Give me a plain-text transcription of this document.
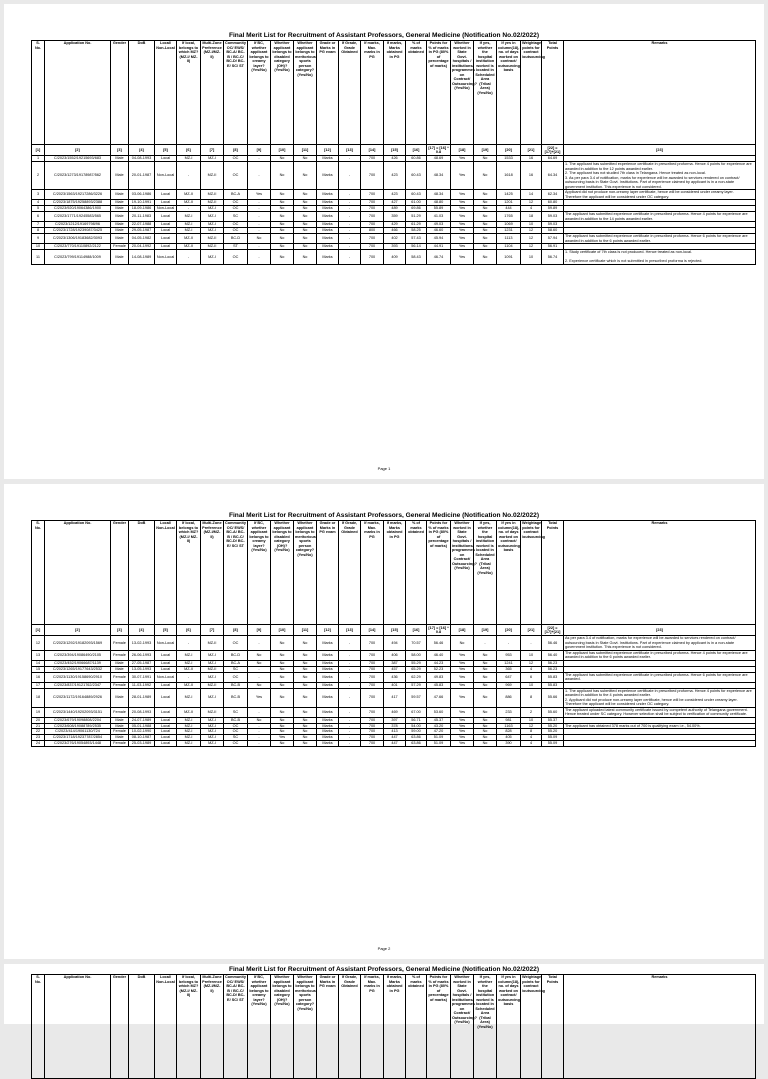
Final Merit List for Recruitment of Assistant Professors, General Medicine (Notification No.02/2022)
S. No.	Application No.	Gender	DoB	Local/ Non-Local	If local, belongs to which MZ? (MZ-I/ MZ-II)	Multi-Zone Preference (MZ-I/MZ-II)	Community OC/ EWS/ BC-A/ BC-B / BC-C/ BC-D/ BC-E/ SC/ ST	If BC, whether applicant belongs to creamy layer? (Yes/No)	Whether applicant belongs to disabled category (OH)? (Yes/No)	Whether applicant belongs to meritorious sports person category? (Yes/No)	Grade or Marks in PG exam	If Grade, Grade Obtained	If marks, Max. marks in PG	If marks, Marks obtained in PG	% of marks obtained	Points for % of marks in PG (80% of percentage of marks)	Whether worked in State Govt. hospitals / institutions/ programmes on Contract/ Outsourcing? (Yes/No)	If yes, whether the hospital institution worked is located in Scheduled Area (Tribal Area) (Yes/No)	If yes in column(18), no. of days worked on contract/ outsourcing basis	Weightage points for contract /outsourcing	Total Points	Remarks
[1]	[2]	[3]	[4]	[5]	[6]	[7]	[8]	[9]	[10]	[11]	[12]	[13]	[14]	[15]	[16]	[17] = [16] * 0.8	[18]	[19]	[20]	[21]	[22] = [17]+[21]	[23]
1	C/2023/1552/19215693/683	Male	04-08-1993	Local	MZ-I	MZ-I	OC	-	No	No	Marks	-	700	426	60.86	48.69	Yes	No	1533	16	64.69	
2	C/2023/1273/19178987/562	Male	20-01-1987	Non-Local	-	MZ-II	OC	-	No	No	Marks	-	700	423	60.43	48.34	Yes	No	1618	16	64.34	1. The applicant has submitted experience certificate in prescribed proforma. Hence 4 points for experience are awarded in addition to the 12 points awarded earlier.
2. The applicant has not studied 7th class in Telangana. Hence treated as non-local.
3. As per para 3.4 of notification, marks for experience will be awarded to services rendered on contract/ outsourcing basis in State Govt. Institutions. Part of experience claimed by applicant is in a non-state government institution. This experience is not considered.
3	C/2023/1563/19217286/3226	Male	03-06-1986	Local	MZ-II	MZ-II	BC-A	Yes	No	No	Marks	-	700	423	60.43	48.34	Yes	No	1425	14	62.34	Applicant did not produce non-creamy layer certificate, hence will be considered under creamy layer.
Therefore the applicant will be considered under OC category.
4	C/2023/1875/19258893/2388	Male	19-10-1991	Local	MZ-II	MZ-II	OC	-	No	No	Marks	-	700	427	61.00	48.80	Yes	No	1201	12	60.80	
5	C/2023/920/19064386/1900	Male	18-09-1986	Non-Local	-	MZ-I	OC	-	No	No	Marks	-	700	489	69.86	55.89	Yes	No	444	4	59.89	
6	C/2023/1771/19245583/565	Male	20-11-1983	Local	MZ-I	MZ-I	SC	-	No	No	Marks	-	700	359	51.29	41.03	Yes	No	1765	18	59.03	The applicant has submitted experience certificate in prescribed proforma. Hence 4 points for experience are awarded in addition to the 14 points awarded earlier.
7	C/2023/1212/19169798/96	Male	22-07-1988	Local	MZ-I	MZ-I	OC	-	No	No	Marks	-	700	429	61.29	49.03	Yes	No	1069	10	59.03	
8	C/2023/1728/19239087/3425	Male	29-05-1987	Local	MZ-I	MZ-I	OC	-	No	No	Marks	-	800	466	58.25	46.60	Yes	No	1231	12	58.60	
9	C/2023/1306/19183682/3093	Male	04-05-1982	Local	MZ-II	MZ-II	BC-D	No	No	No	Marks	-	700	402	57.43	45.94	Yes	No	1113	12	57.94	The applicant has submitted experience certificate in prescribed proforma. Hence 6 points for experience are awarded in addition to the 6 points awarded earlier.
10	C/2023/770/19110892/2122	Female	20-04-1992	Local	MZ-II	MZ-II	ST	-	No	No	Marks	-	700	393	56.14	44.91	Yes	No	1104	12	56.91	
11	C/2023/799/19114988/1009	Male	14-08-1989	Non-Local	-	MZ-I	OC	-	No	No	Marks	-	700	409	58.43	46.74	Yes	No	1091	10	56.74	1. Study certificate of 7th class is not produced. Hence treated as non-local.

2. Experience certificate which is not submitted in prescribed proforma is rejected.
Page 1
Final Merit List for Recruitment of Assistant Professors, General Medicine (Notification No.02/2022)
S. No.	Application No.	Gender	DoB	Local/ Non-Local	If local, belongs to which MZ? (MZ-I/ MZ-II)	Multi-Zone Preference (MZ-I/MZ-II)	Community OC/ EWS/ BC-A/ BC-B / BC-C/ BC-D/ BC-E/ SC/ ST	If BC, whether applicant belongs to creamy layer? (Yes/No)	Whether applicant belongs to disabled category (OH)? (Yes/No)	Whether applicant belongs to meritorious sports person category? (Yes/No)	Grade or Marks in PG exam	If Grade, Grade Obtained	If marks, Max. marks in PG	If marks, Marks obtained in PG	% of marks obtained	Points for % of marks in PG (80% of percentage of marks)	Whether worked in State Govt. hospitals / institutions/ programmes on Contract/ Outsourcing? (Yes/No)	If yes, whether the hospital institution worked is located in Scheduled Area (Tribal Area) (Yes/No)	If yes in column(18), no. of days worked on contract/ outsourcing basis	Weightage points for contract /outsourcing	Total Points	Remarks
[1]	[2]	[3]	[4]	[5]	[6]	[7]	[8]	[9]	[10]	[11]	[12]	[13]	[14]	[15]	[16]	[17] = [16] * 0.8	[18]	[19]	[20]	[21]	[22] = [17]+[21]	[23]
12	C/2023/1292/19182093/1569	Female	13-02-1993	Non-Local	-	MZ-II	OC	-	No	No	Marks	-	700	494	70.57	56.46	No	-	-	-	56.46	As per para 3.4 of notification, marks for experience will be awarded to services rendered on contract/ outsourcing basis in State Govt. Institutions. Part of experience claimed by applicant is in a non-state government institution. This experience is not considered.
13	C/2023/394/19086490/2105	Female	26-06-1993	Local	MZ-I	MZ-I	BC-D	No	No	No	Marks	-	700	406	58.00	46.40	Yes	No	953	10	56.40	The applicant has submitted experience certificate in prescribed proforma. Hence 4 points for experience are awarded in addition to the 6 points awarded earlier.
14	C/2023/452/19066687/1139	Male	27-05-1987	Local	MZ-I	MZ-I	BC-A	No	No	No	Marks	-	700	387	55.29	44.23	Yes	No	1241	12	56.23	
15	C/2023/1265/19177643/2532	Male	13-05-1993	Local	MZ-II	MZ-II	SC	-	No	No	Marks	-	700	457	65.29	52.23	Yes	No	365	4	56.23	
16	C/2023/1130/19158690/2910	Female	30-07-1991	Non-Local	-	MZ-I	OC	-	No	No	Marks	-	700	436	62.29	49.83	Yes	No	647	6	55.83	The applicant has submitted experience certificate in prescribed proforma. Hence 6 points for experience are awarded.
17	C/2023/837/19121762/2347	Female	11-03-1992	Local	MZ-II	MZ-II	BC-B	No	No	No	Marks	-	700	401	57.29	45.83	Yes	No	969	10	55.83	
18	C/2023/1172/19164889/2926	Male	28-01-1989	Local	MZ-I	MZ-I	BC-B	Yes	No	No	Marks	-	700	417	59.57	47.66	Yes	No	886	8	55.66	1. The applicant has submitted experience certificate in prescribed proforma. Hence 4 points for experience are awarded in addition to the 4 points awarded earlier.
2. Applicant did not produce non-creamy layer certificate, hence will be considered under creamy layer.
Therefore the applicant will be considered under OC category.
19	C/2023/1440/19202093/3151	Female	20-08-1993	Local	MZ-II	MZ-II	SC	-	No	No	Marks	-	700	469	67.00	53.60	Yes	No	233	2	55.60	The applicant uploaded latest community certificate issued by competent authority of Telangana government. Hence treated under SC category. However selection shall be subject to verification of community certificate.
20	C/2023/679/19098808/2204	Male	24-07-1989	Local	MZ-I	MZ-I	BC-B	No	No	No	Marks	-	700	397	56.71	45.37	Yes	No	981	10	55.37	
21	C/2023/608/19088789/2535	Male	05-01-1988	Local	MZ-I	MZ-I	OC	-	No	No	Marks	-	700	378	54.00	43.20	Yes	No	1163	12	55.20	The applicant has obtained 378 marks out of 700 is qualifying exam i.e., 54.00%.
22	C/2023/414/19061130/724	Female	10-02-1990	Local	MZ-I	MZ-I	OC	-	No	No	Marks	-	700	413	59.00	47.20	Yes	No	828	8	55.20	
23	C/2023/1718/19237787/2854	Male	08-10-1987	Local	MZ-I	MZ-I	SC	-	Yes	No	Marks	-	700	447	63.86	51.09	Yes	No	405	4	55.09	
24	C/2023/276/19054893/1448	Female	25-03-1989	Local	MZ-I	MZ-I	OC	-	No	No	Marks	-	700	447	63.86	51.09	Yes	No	390	4	55.09	
Page 2
Final Merit List for Recruitment of Assistant Professors, General Medicine (Notification No.02/2022)
S. No.	Application No.	Gender	DoB	Local/ Non-Local	If local, belongs to which MZ? (MZ-I/ MZ-II)	Multi-Zone Preference (MZ-I/MZ-II)	Community OC/ EWS/ BC-A/ BC-B / BC-C/ BC-D/ BC-E/ SC/ ST	If BC, whether applicant belongs to creamy layer? (Yes/No)	Whether applicant belongs to disabled category (OH)? (Yes/No)	Whether applicant belongs to meritorious sports person category? (Yes/No)	Grade or Marks in PG exam	If Grade, Grade Obtained	If marks, Max. marks in PG	If marks, Marks obtained in PG	% of marks obtained	Points for % of marks in PG (80% of percentage of marks)	Whether worked in State Govt. hospitals / institutions/ programmes on Contract/ Outsourcing? (Yes/No)	If yes, whether the hospital institution worked is located in Scheduled Area (Tribal Area) (Yes/No)	If yes in column(18), no. of days worked on contract/ outsourcing basis	Weightage points for contract /outsourcing	Total Points	Remarks
